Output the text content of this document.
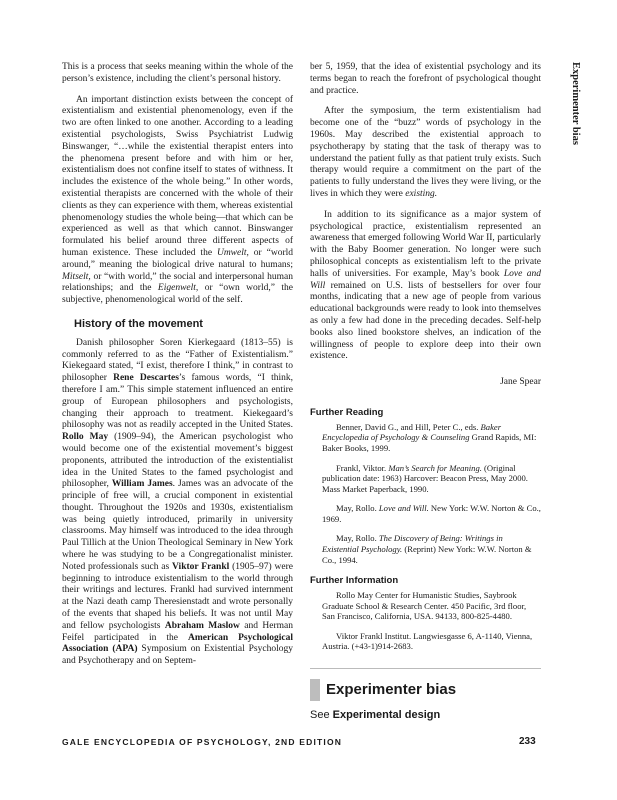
Experimenter bias

This is a process that seeks meaning within the whole of the person’s existence, including the client’s personal history.

An important distinction exists between the concept of existentialism and existential phenomenology, even if the two are often linked to one another. According to a leading existential psychologists, Swiss Psychiatrist Ludwig Binswanger, “…while the existential therapist enters into the phenomena present before and with him or her, existentialism does not confine itself to states of withness. It includes the existence of the whole being.” In other words, existential therapists are concerned with the whole of their clients as they can experience with them, whereas existential phenomenology studies the whole being—that which can be experienced as well as that which cannot. Binswanger formulated his belief around three different aspects of human existence. These included the Umwelt, or “world around,” meaning the biological drive natural to humans; Mitselt, or “with world,” the social and interpersonal human relationships; and the Eigenwelt, or “own world,” the subjective, phenomenological world of the self.

History of the movement

Danish philosopher Soren Kierkegaard (1813–55) is commonly referred to as the “Father of Existentialism.” Kiekegaard stated, “I exist, therefore I think,” in contrast to philosopher Rene Descartes’s famous words, “I think, therefore I am.” This simple statement influenced an entire group of European philosophers and psychologists, changing their approach to treatment. Kiekegaard’s philosophy was not as readily accepted in the United States. Rollo May (1909–94), the American psychologist who would become one of the existential movement’s biggest proponents, attributed the introduction of the existentialist idea in the United States to the famed psychologist and philosopher, William James. James was an advocate of the principle of free will, a crucial component in existential thought. Throughout the 1920s and 1930s, existentialism was being quietly introduced, primarily in university classrooms. May himself was introduced to the idea through Paul Tillich at the Union Theological Seminary in New York where he was studying to be a Congregationalist minister. Noted professionals such as Viktor Frankl (1905–97) were beginning to introduce existentialism to the world through their writings and lectures. Frankl had survived internment at the Nazi death camp Theresienstadt and wrote personally of the events that shaped his beliefs. It was not until May and fellow psychologists Abraham Maslow and Herman Feifel participated in the American Psychological Association (APA) Symposium on Existential Psychology and Psychotherapy and on Septem-

ber 5, 1959, that the idea of existential psychology and its terms began to reach the forefront of psychological thought and practice.

After the symposium, the term existentialism had become one of the “buzz” words of psychology in the 1960s. May described the existential approach to psychotherapy by stating that the task of therapy was to understand the patient fully as that patient truly exists. Such therapy would require a commitment on the part of the patients to fully understand the lives they were living, or the lives in which they were existing.

In addition to its significance as a major system of psychological practice, existentialism represented an awareness that emerged following World War II, particularly with the Baby Boomer generation. No longer were such philosophical concepts as existentialism left to the private halls of universities. For example, May’s book Love and Will remained on U.S. lists of bestsellers for over four months, indicating that a new age of people from various educational backgrounds were ready to look into themselves as only a few had done in the preceding decades. Self-help books also lined bookstore shelves, an indication of the willingness of people to explore deep into their own existence.

Jane Spear
Further Reading

Benner, David G., and Hill, Peter C., eds. Baker Encyclopedia of Psychology & Counseling Grand Rapids, MI: Baker Books, 1999.

Frankl, Viktor. Man’s Search for Meaning. (Original publication date: 1963) Harcover: Beacon Press, May 2000. Mass Market Paperback, 1990.

May, Rollo. Love and Will. New York: W.W. Norton & Co., 1969.

May, Rollo. The Discovery of Being: Writings in Existential Psychology. (Reprint) New York: W.W. Norton & Co., 1994.

Further Information

Rollo May Center for Humanistic Studies, Saybrook Graduate School & Research Center. 450 Pacific, 3rd floor, San Francisco, California, USA. 94133, 800-825-4480.

Viktor Frankl Institut. Langwiesgasse 6, A-1140, Vienna, Austria. (+43-1)914-2683.

Experimenter bias
See Experimental design
GALE ENCYCLOPEDIA OF PSYCHOLOGY, 2ND EDITION	233
